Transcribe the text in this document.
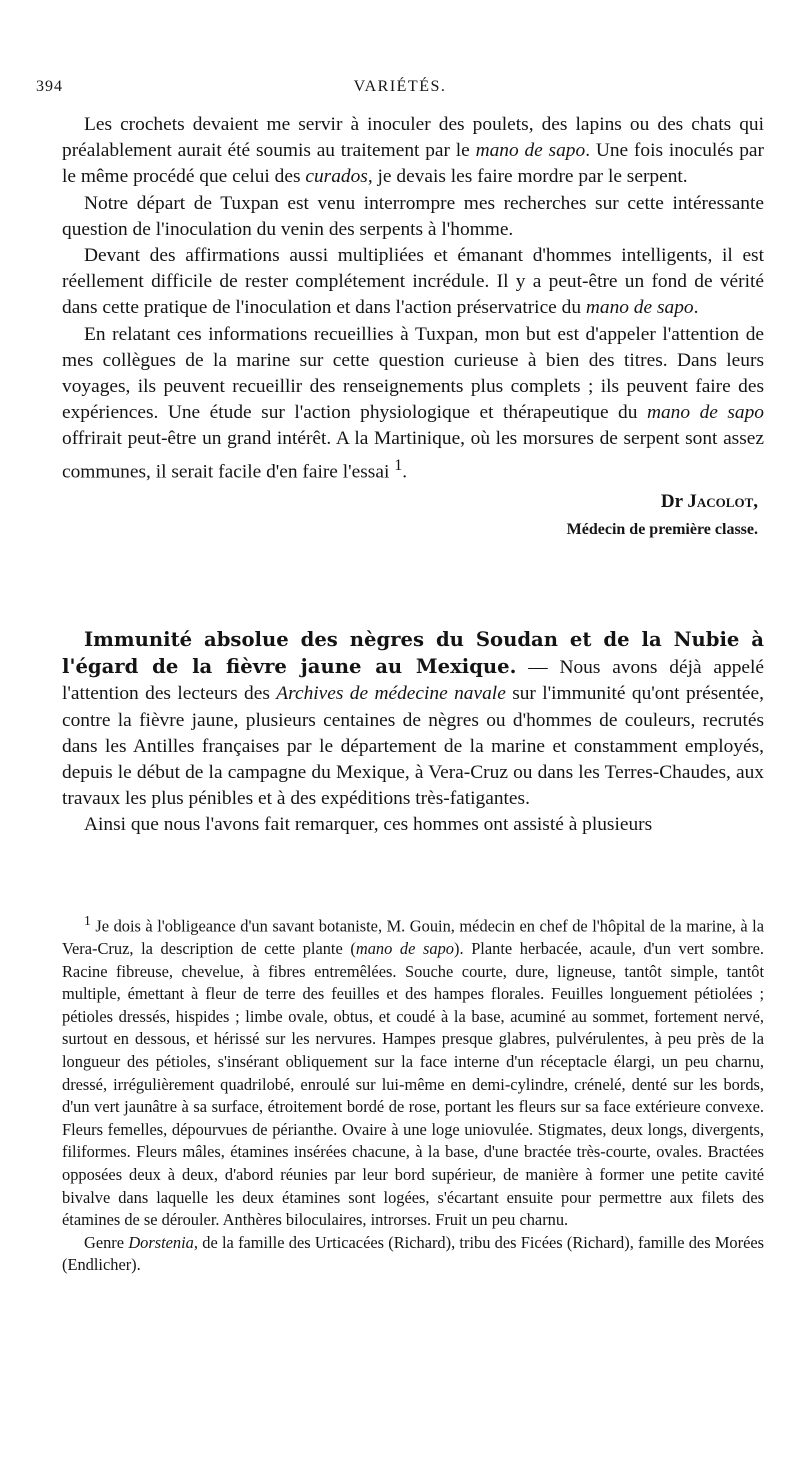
394	VARIÉTÉS.

Les crochets devaient me servir à inoculer des poulets, des lapins ou des chats qui préalablement aurait été soumis au traitement par le mano de sapo. Une fois inoculés par le même procédé que celui des curados, je devais les faire mordre par le serpent.

Notre départ de Tuxpan est venu interrompre mes recherches sur cette intéressante question de l'inoculation du venin des serpents à l'homme.

Devant des affirmations aussi multipliées et émanant d'hommes intelligents, il est réellement difficile de rester complétement incrédule. Il y a peut-être un fond de vérité dans cette pratique de l'inoculation et dans l'action préservatrice du mano de sapo.

En relatant ces informations recueillies à Tuxpan, mon but est d'appeler l'attention de mes collègues de la marine sur cette question curieuse à bien des titres. Dans leurs voyages, ils peuvent recueillir des renseignements plus complets ; ils peuvent faire des expériences. Une étude sur l'action physiologique et thérapeutique du mano de sapo offrirait peut-être un grand intérêt. A la Martinique, où les morsures de serpent sont assez communes, il serait facile d'en faire l'essai $^1$.

Dr Jacolot,
Médecin de première classe.

Immunité absolue des nègres du Soudan et de la Nubie à l'égard de la fièvre jaune au Mexique. — Nous avons déjà appelé l'attention des lecteurs des Archives de médecine navale sur l'immunité qu'ont présentée, contre la fièvre jaune, plusieurs centaines de nègres ou d'hommes de couleurs, recrutés dans les Antilles françaises par le département de la marine et constamment employés, depuis le début de la campagne du Mexique, à Vera-Cruz ou dans les Terres-Chaudes, aux travaux les plus pénibles et à des expéditions très-fatigantes.

Ainsi que nous l'avons fait remarquer, ces hommes ont assisté à plusieurs

$^1$ Je dois à l'obligeance d'un savant botaniste, M. Gouin, médecin en chef de l'hôpital de la marine, à la Vera-Cruz, la description de cette plante (mano de sapo). Plante herbacée, acaule, d'un vert sombre. Racine fibreuse, chevelue, à fibres entremêlées. Souche courte, dure, ligneuse, tantôt simple, tantôt multiple, émettant à fleur de terre des feuilles et des hampes florales. Feuilles longuement pétiolées ; pétioles dressés, hispides ; limbe ovale, obtus, et coudé à la base, acuminé au sommet, fortement nervé, surtout en dessous, et hérissé sur les nervures. Hampes presque glabres, pulvérulentes, à peu près de la longueur des pétioles, s'insérant obliquement sur la face interne d'un réceptacle élargi, un peu charnu, dressé, irrégulièrement quadrilobé, enroulé sur lui-même en demi-cylindre, crénelé, denté sur les bords, d'un vert jaunâtre à sa surface, étroitement bordé de rose, portant les fleurs sur sa face extérieure convexe. Fleurs femelles, dépourvues de périanthe. Ovaire à une loge uniovulée. Stigmates, deux longs, divergents, filiformes. Fleurs mâles, étamines insérées chacune, à la base, d'une bractée très-courte, ovales. Bractées opposées deux à deux, d'abord réunies par leur bord supérieur, de manière à former une petite cavité bivalve dans laquelle les deux étamines sont logées, s'écartant ensuite pour permettre aux filets des étamines de se dérouler. Anthères biloculaires, introrses. Fruit un peu charnu.

Genre Dorstenia, de la famille des Urticacées (Richard), tribu des Ficées (Richard), famille des Morées (Endlicher).
